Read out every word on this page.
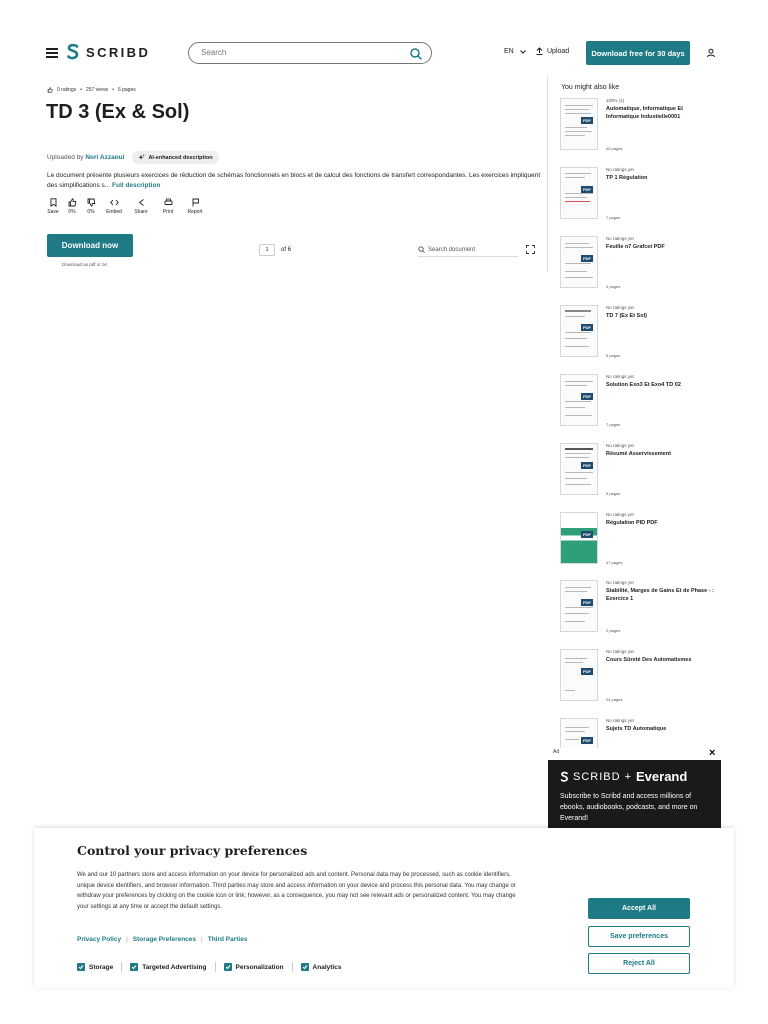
SCRIBD
Search	EN	Upload	Download free for 30 days
0 ratings • 257 views • 6 pages
TD 3 (Ex & Sol)
Uploaded by Nori Azzaoui	AI-enhanced description
Le document présente plusieurs exercices de réduction de schémas fonctionnels en blocs et de calcul des fonctions de transfert correspondantes. Les exercices impliquent des simplifications s... Full description
Save 0% 0% Embed Share	Print	Report
Download now
Download as pdf or txt
1	of 6	Search document
You might also like
PDF
100% (1)
Automatique, Informatique Et Informatique Industielle0001
45 pages
PDF
No ratings yet
TP 1 Régulation
7 pages
PDF
No ratings yet
Feuille n7 Grafcet PDF
4 pages
PDF
No ratings yet
TD 7 (Ex Et Sol)
5 pages
PDF
No ratings yet
Solution Exo3 Et Exo4 TD 02
7 pages
PDF
No ratings yet
Résumé Asservissement
5 pages
PDF
No ratings yet
Régulation PID PDF
47 pages
PDF
No ratings yet
Stabilité, Marges de Gains Et de Phase - : Exercice 1
2 pages
PDF
No ratings yet
Cours Sûreté Des Automatismes
24 pages
PDF
No ratings yet
Sujets TD Automatique
Ad	×
SCRIBD + Everand
Subscribe to Scribd and access millions of ebooks, audiobooks, podcasts, and more on Everand!
Control your privacy preferences
We and our 10 partners store and access information on your device for personalized ads and content. Personal data may be processed, such as cookie identifiers, unique device identifiers, and browser information. Third parties may store and access information on your device and process this personal data. You may change or withdraw your preferences by clicking on the cookie icon or link; however, as a consequence, you may not see relevant ads or personalized content. You may change your settings at any time or accept the default settings.
Privacy Policy | Storage Preferences | Third Parties
Storage	Targeted Advertising	Personalization	Analytics
Accept All
Save preferences
Reject All
